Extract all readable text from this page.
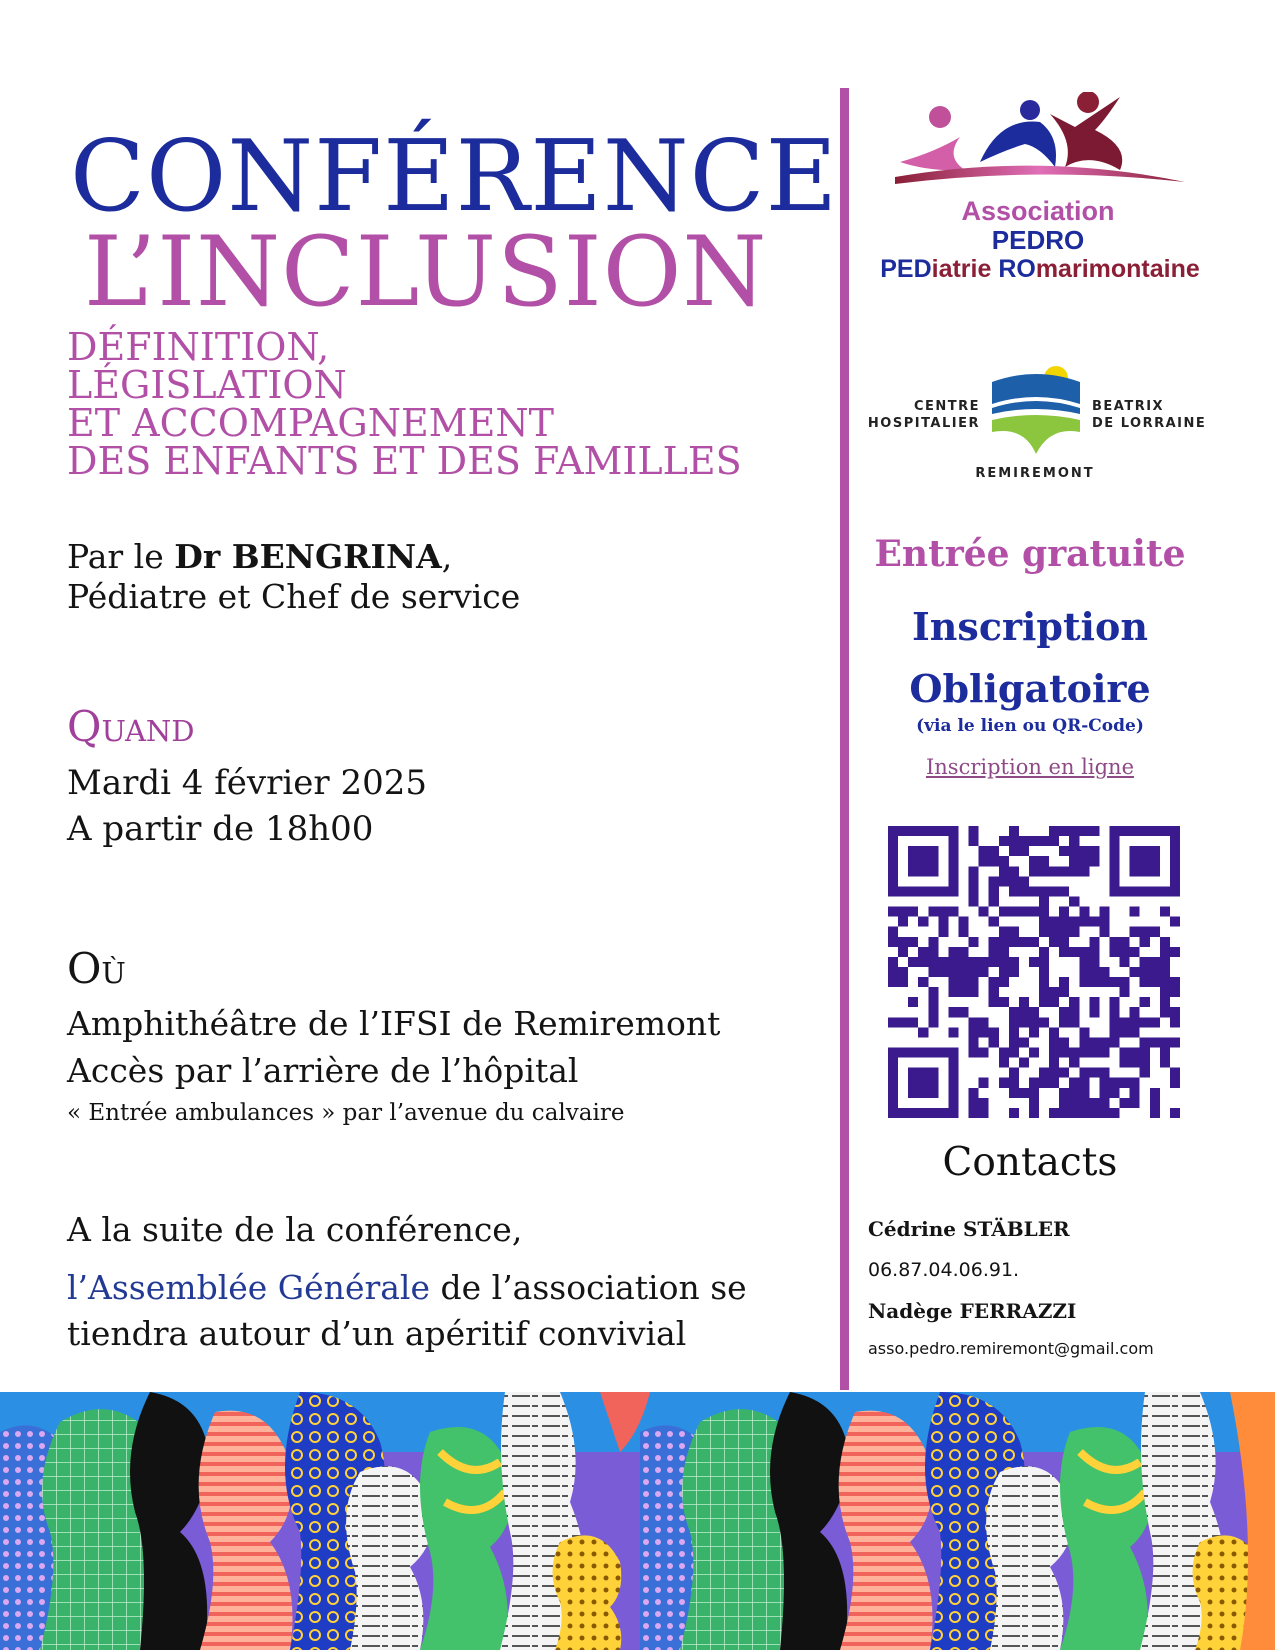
CONFÉRENCE
L’INCLUSION
DÉFINITION,
LÉGISLATION
ET ACCOMPAGNEMENT
DES ENFANTS ET DES FAMILLES
Par le Dr BENGRINA,
Pédiatre et Chef de service
Quand
Mardi 4 février 2025
A partir de 18h00
Où
Amphithéâtre de l’IFSI de Remiremont
Accès par l’arrière de l’hôpital
« Entrée ambulances » par l’avenue du calvaire
A la suite de la conférence,
l’Assemblée Générale de l’association se
tiendra autour d’un apéritif convivial
Association
PEDRO
PEDiatrie ROmarimontaine
CENTRE
HOSPITALIER
BEATRIX
DE LORRAINE
REMIREMONT
Entrée gratuite
Inscription
Obligatoire
(via le lien ou QR-Code)
Inscription en ligne
Contacts
Cédrine STÄBLER
06.87.04.06.91.
Nadège FERRAZZI
asso.pedro.remiremont@gmail.com
